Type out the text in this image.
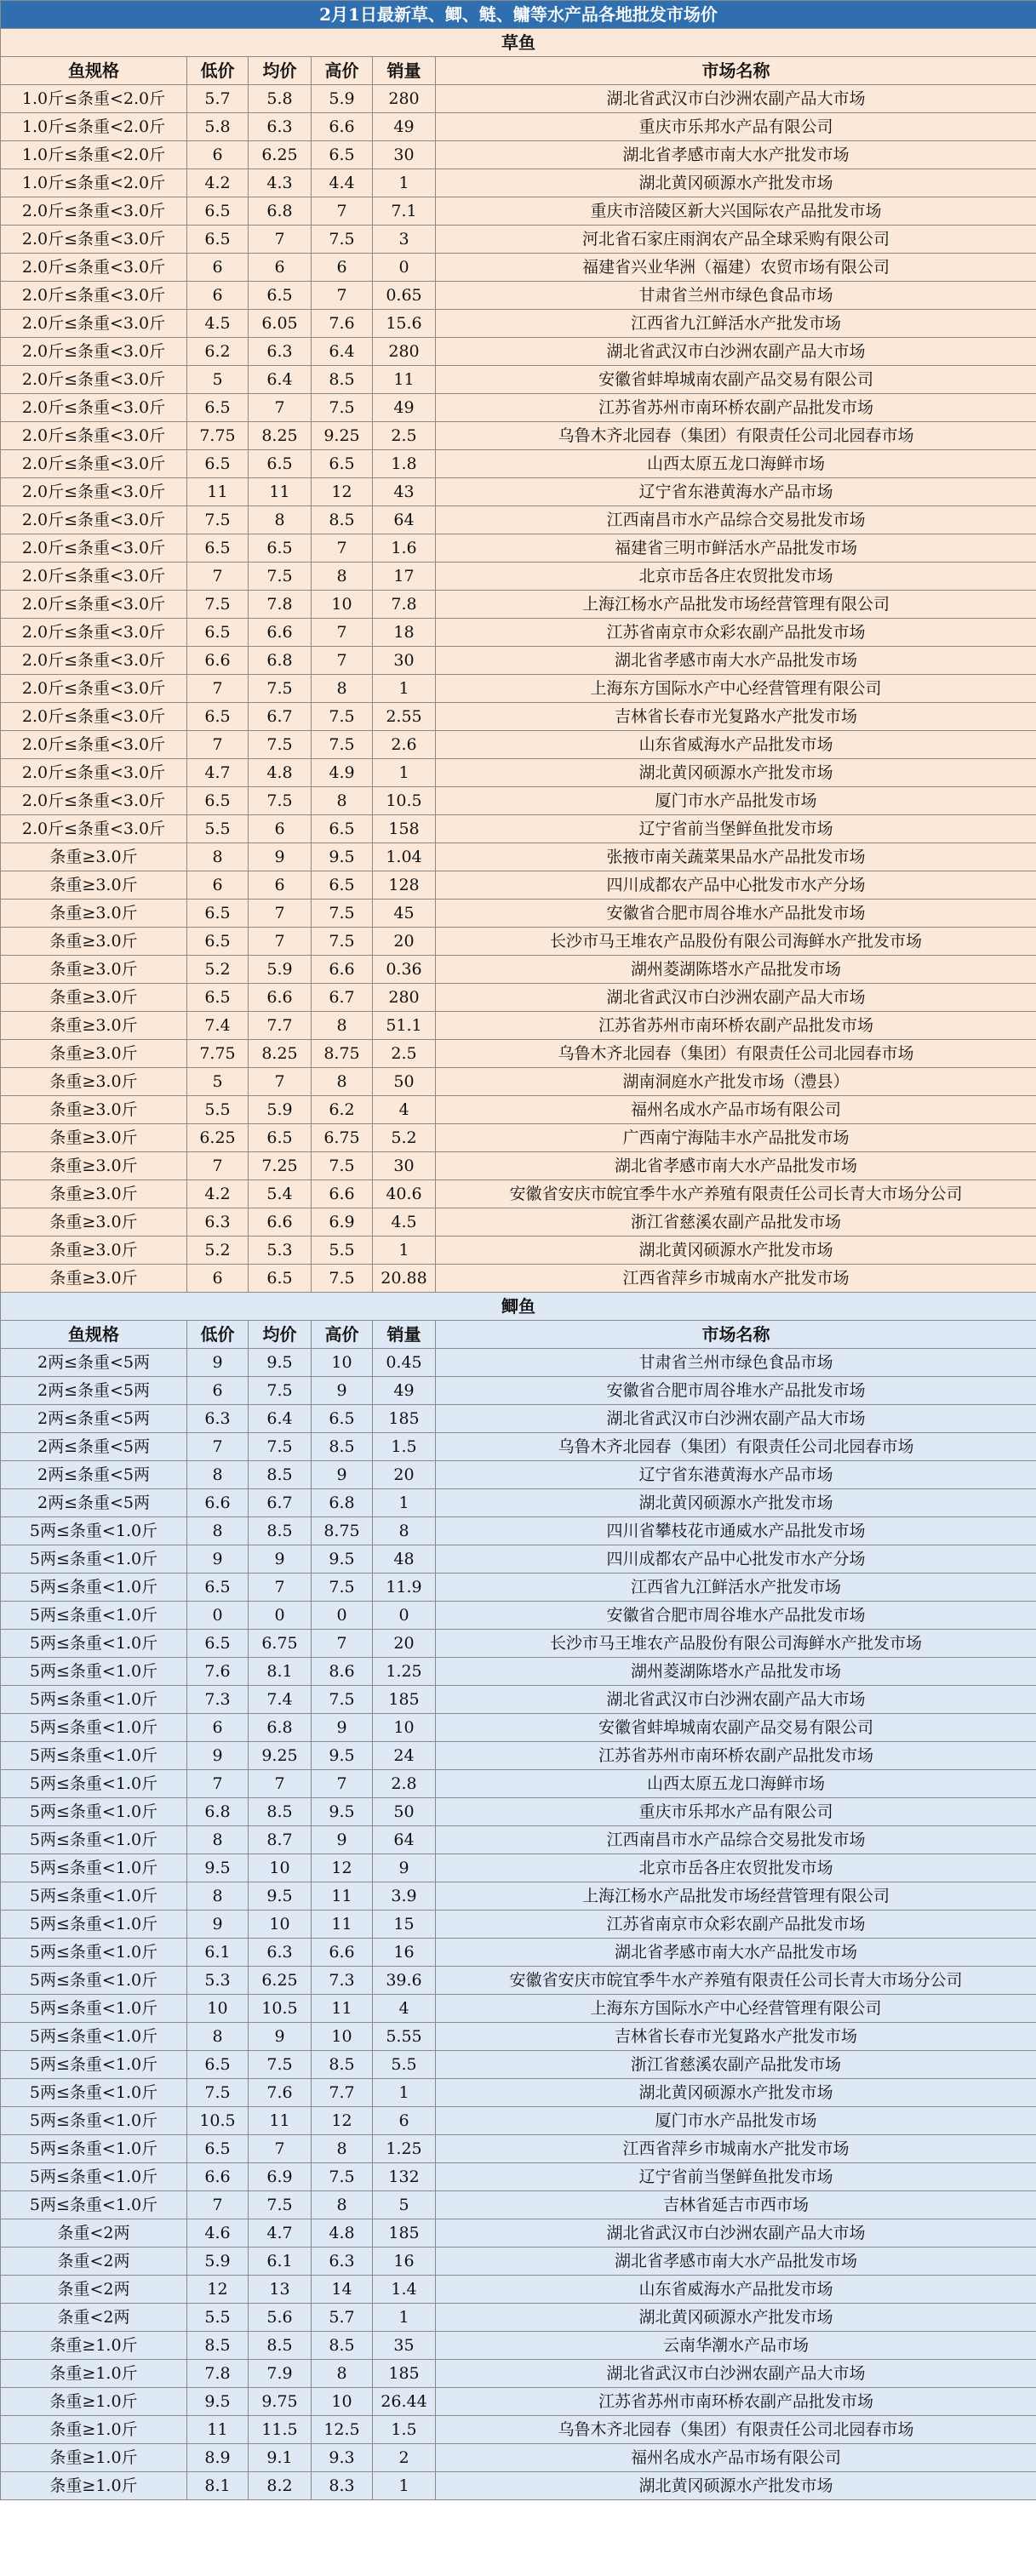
2月1日最新草、鲫、鲢、鳙等水产品各地批发市场价					
草鱼					
鱼规格	低价	均价	高价	销量	市场名称
1.0斤≤条重<2.0斤	5.7	5.8	5.9	280	湖北省武汉市白沙洲农副产品大市场
1.0斤≤条重<2.0斤	5.8	6.3	6.6	49	重庆市乐邦水产品有限公司
1.0斤≤条重<2.0斤	6	6.25	6.5	30	湖北省孝感市南大水产批发市场
1.0斤≤条重<2.0斤	4.2	4.3	4.4	1	湖北黄冈硕源水产批发市场
2.0斤≤条重<3.0斤	6.5	6.8	7	7.1	重庆市涪陵区新大兴国际农产品批发市场
2.0斤≤条重<3.0斤	6.5	7	7.5	3	河北省石家庄雨润农产品全球采购有限公司
2.0斤≤条重<3.0斤	6	6	6	0	福建省兴业华洲（福建）农贸市场有限公司
2.0斤≤条重<3.0斤	6	6.5	7	0.65	甘肃省兰州市绿色食品市场
2.0斤≤条重<3.0斤	4.5	6.05	7.6	15.6	江西省九江鲜活水产批发市场
2.0斤≤条重<3.0斤	6.2	6.3	6.4	280	湖北省武汉市白沙洲农副产品大市场
2.0斤≤条重<3.0斤	5	6.4	8.5	11	安徽省蚌埠城南农副产品交易有限公司
2.0斤≤条重<3.0斤	6.5	7	7.5	49	江苏省苏州市南环桥农副产品批发市场
2.0斤≤条重<3.0斤	7.75	8.25	9.25	2.5	乌鲁木齐北园春（集团）有限责任公司北园春市场
2.0斤≤条重<3.0斤	6.5	6.5	6.5	1.8	山西太原五龙口海鲜市场
2.0斤≤条重<3.0斤	11	11	12	43	辽宁省东港黄海水产品市场
2.0斤≤条重<3.0斤	7.5	8	8.5	64	江西南昌市水产品综合交易批发市场
2.0斤≤条重<3.0斤	6.5	6.5	7	1.6	福建省三明市鲜活水产品批发市场
2.0斤≤条重<3.0斤	7	7.5	8	17	北京市岳各庄农贸批发市场
2.0斤≤条重<3.0斤	7.5	7.8	10	7.8	上海江杨水产品批发市场经营管理有限公司
2.0斤≤条重<3.0斤	6.5	6.6	7	18	江苏省南京市众彩农副产品批发市场
2.0斤≤条重<3.0斤	6.6	6.8	7	30	湖北省孝感市南大水产品批发市场
2.0斤≤条重<3.0斤	7	7.5	8	1	上海东方国际水产中心经营管理有限公司
2.0斤≤条重<3.0斤	6.5	6.7	7.5	2.55	吉林省长春市光复路水产批发市场
2.0斤≤条重<3.0斤	7	7.5	7.5	2.6	山东省威海水产品批发市场
2.0斤≤条重<3.0斤	4.7	4.8	4.9	1	湖北黄冈硕源水产批发市场
2.0斤≤条重<3.0斤	6.5	7.5	8	10.5	厦门市水产品批发市场
2.0斤≤条重<3.0斤	5.5	6	6.5	158	辽宁省前当堡鲜鱼批发市场
条重≥3.0斤	8	9	9.5	1.04	张掖市南关蔬菜果品水产品批发市场
条重≥3.0斤	6	6	6.5	128	四川成都农产品中心批发市水产分场
条重≥3.0斤	6.5	7	7.5	45	安徽省合肥市周谷堆水产品批发市场
条重≥3.0斤	6.5	7	7.5	20	长沙市马王堆农产品股份有限公司海鲜水产批发市场
条重≥3.0斤	5.2	5.9	6.6	0.36	湖州菱湖陈塔水产品批发市场
条重≥3.0斤	6.5	6.6	6.7	280	湖北省武汉市白沙洲农副产品大市场
条重≥3.0斤	7.4	7.7	8	51.1	江苏省苏州市南环桥农副产品批发市场
条重≥3.0斤	7.75	8.25	8.75	2.5	乌鲁木齐北园春（集团）有限责任公司北园春市场
条重≥3.0斤	5	7	8	50	湖南洞庭水产批发市场（澧县）
条重≥3.0斤	5.5	5.9	6.2	4	福州名成水产品市场有限公司
条重≥3.0斤	6.25	6.5	6.75	5.2	广西南宁海陆丰水产品批发市场
条重≥3.0斤	7	7.25	7.5	30	湖北省孝感市南大水产品批发市场
条重≥3.0斤	4.2	5.4	6.6	40.6	安徽省安庆市皖宜季牛水产养殖有限责任公司长青大市场分公司
条重≥3.0斤	6.3	6.6	6.9	4.5	浙江省慈溪农副产品批发市场
条重≥3.0斤	5.2	5.3	5.5	1	湖北黄冈硕源水产批发市场
条重≥3.0斤	6	6.5	7.5	20.88	江西省萍乡市城南水产批发市场
鲫鱼					
鱼规格	低价	均价	高价	销量	市场名称
2两≤条重<5两	9	9.5	10	0.45	甘肃省兰州市绿色食品市场
2两≤条重<5两	6	7.5	9	49	安徽省合肥市周谷堆水产品批发市场
2两≤条重<5两	6.3	6.4	6.5	185	湖北省武汉市白沙洲农副产品大市场
2两≤条重<5两	7	7.5	8.5	1.5	乌鲁木齐北园春（集团）有限责任公司北园春市场
2两≤条重<5两	8	8.5	9	20	辽宁省东港黄海水产品市场
2两≤条重<5两	6.6	6.7	6.8	1	湖北黄冈硕源水产批发市场
5两≤条重<1.0斤	8	8.5	8.75	8	四川省攀枝花市通威水产品批发市场
5两≤条重<1.0斤	9	9	9.5	48	四川成都农产品中心批发市水产分场
5两≤条重<1.0斤	6.5	7	7.5	11.9	江西省九江鲜活水产批发市场
5两≤条重<1.0斤	0	0	0	0	安徽省合肥市周谷堆水产品批发市场
5两≤条重<1.0斤	6.5	6.75	7	20	长沙市马王堆农产品股份有限公司海鲜水产批发市场
5两≤条重<1.0斤	7.6	8.1	8.6	1.25	湖州菱湖陈塔水产品批发市场
5两≤条重<1.0斤	7.3	7.4	7.5	185	湖北省武汉市白沙洲农副产品大市场
5两≤条重<1.0斤	6	6.8	9	10	安徽省蚌埠城南农副产品交易有限公司
5两≤条重<1.0斤	9	9.25	9.5	24	江苏省苏州市南环桥农副产品批发市场
5两≤条重<1.0斤	7	7	7	2.8	山西太原五龙口海鲜市场
5两≤条重<1.0斤	6.8	8.5	9.5	50	重庆市乐邦水产品有限公司
5两≤条重<1.0斤	8	8.7	9	64	江西南昌市水产品综合交易批发市场
5两≤条重<1.0斤	9.5	10	12	9	北京市岳各庄农贸批发市场
5两≤条重<1.0斤	8	9.5	11	3.9	上海江杨水产品批发市场经营管理有限公司
5两≤条重<1.0斤	9	10	11	15	江苏省南京市众彩农副产品批发市场
5两≤条重<1.0斤	6.1	6.3	6.6	16	湖北省孝感市南大水产品批发市场
5两≤条重<1.0斤	5.3	6.25	7.3	39.6	安徽省安庆市皖宜季牛水产养殖有限责任公司长青大市场分公司
5两≤条重<1.0斤	10	10.5	11	4	上海东方国际水产中心经营管理有限公司
5两≤条重<1.0斤	8	9	10	5.55	吉林省长春市光复路水产批发市场
5两≤条重<1.0斤	6.5	7.5	8.5	5.5	浙江省慈溪农副产品批发市场
5两≤条重<1.0斤	7.5	7.6	7.7	1	湖北黄冈硕源水产批发市场
5两≤条重<1.0斤	10.5	11	12	6	厦门市水产品批发市场
5两≤条重<1.0斤	6.5	7	8	1.25	江西省萍乡市城南水产批发市场
5两≤条重<1.0斤	6.6	6.9	7.5	132	辽宁省前当堡鲜鱼批发市场
5两≤条重<1.0斤	7	7.5	8	5	吉林省延吉市西市场
条重<2两	4.6	4.7	4.8	185	湖北省武汉市白沙洲农副产品大市场
条重<2两	5.9	6.1	6.3	16	湖北省孝感市南大水产品批发市场
条重<2两	12	13	14	1.4	山东省威海水产品批发市场
条重<2两	5.5	5.6	5.7	1	湖北黄冈硕源水产批发市场
条重≥1.0斤	8.5	8.5	8.5	35	云南华潮水产品市场
条重≥1.0斤	7.8	7.9	8	185	湖北省武汉市白沙洲农副产品大市场
条重≥1.0斤	9.5	9.75	10	26.44	江苏省苏州市南环桥农副产品批发市场
条重≥1.0斤	11	11.5	12.5	1.5	乌鲁木齐北园春（集团）有限责任公司北园春市场
条重≥1.0斤	8.9	9.1	9.3	2	福州名成水产品市场有限公司
条重≥1.0斤	8.1	8.2	8.3	1	湖北黄冈硕源水产批发市场
